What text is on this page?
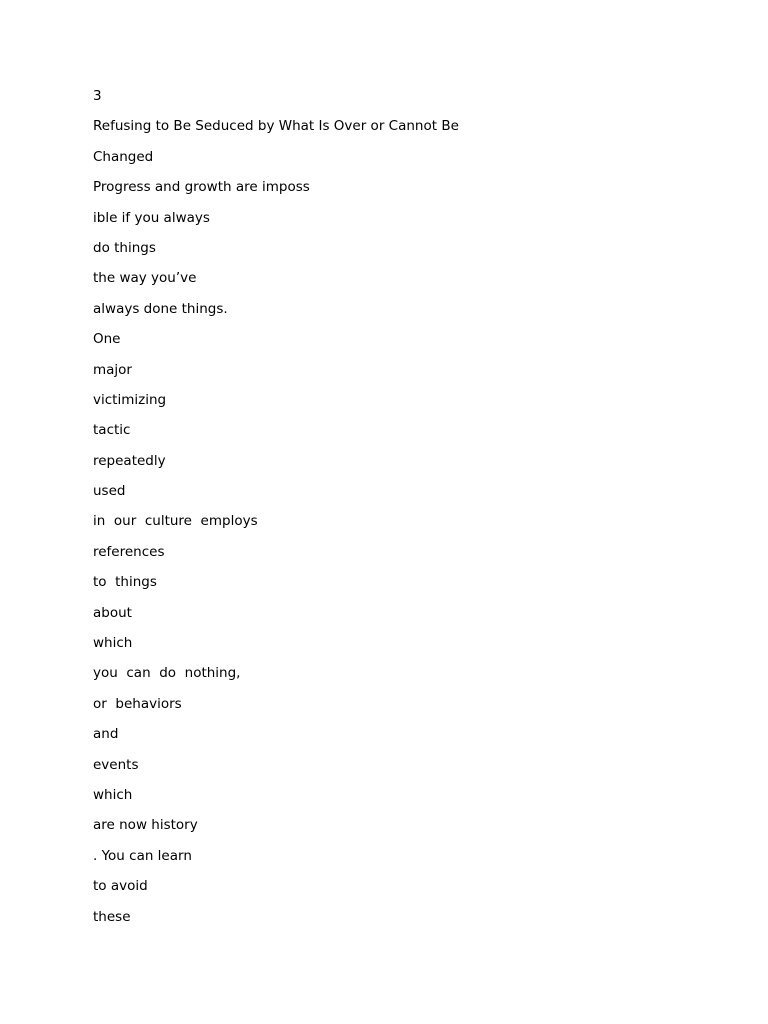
3
Refusing to Be Seduced by What Is Over or Cannot Be
Changed
Progress and growth are imposs
ible if you always
do things
the way you’ve
always done things.
One
major
victimizing
tactic
repeatedly
used
in  our  culture  employs
references
to  things
about
which
you  can  do  nothing,
or  behaviors
and
events
which
are now history
. You can learn
to avoid
these
